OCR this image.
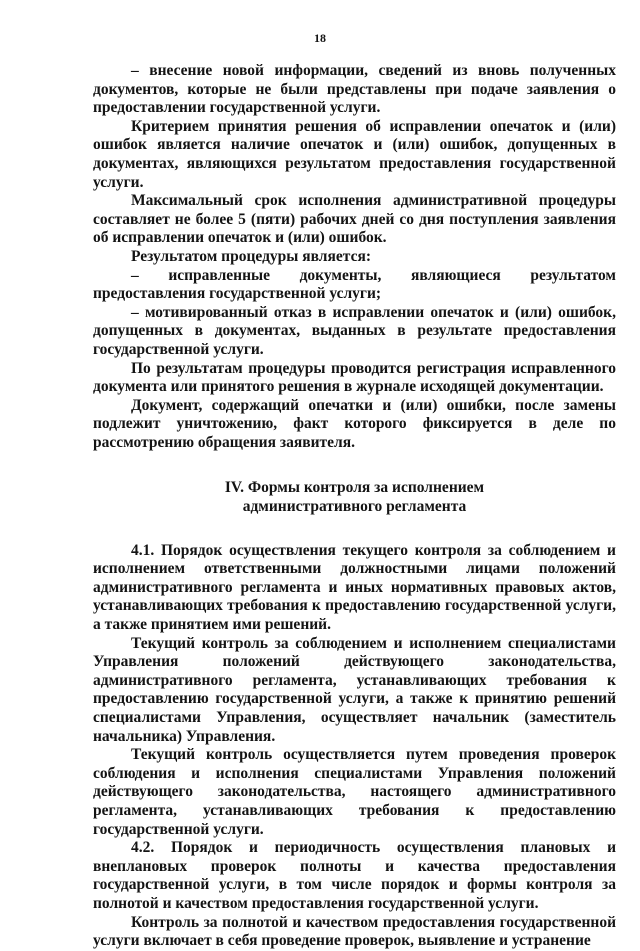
18

– внесение новой информации, сведений из вновь полученных документов, которые не были представлены при подаче заявления о предоставлении государственной услуги.

Критерием принятия решения об исправлении опечаток и (или) ошибок является наличие опечаток и (или) ошибок, допущенных в документах, являющихся результатом предоставления государственной услуги.

Максимальный срок исполнения административной процедуры составляет не более 5 (пяти) рабочих дней со дня поступления заявления об исправлении опечаток и (или) ошибок.

Результатом процедуры является:

– исправленные документы, являющиеся результатом предоставления государственной услуги;

– мотивированный отказ в исправлении опечаток и (или) ошибок, допущенных в документах, выданных в результате предоставления государственной услуги.

По результатам процедуры проводится регистрация исправленного документа или принятого решения в журнале исходящей документации.

Документ, содержащий опечатки и (или) ошибки, после замены подлежит уничтожению, факт которого фиксируется в деле по рассмотрению обращения заявителя.

IV. Формы контроля за исполнением
административного регламента

4.1. Порядок осуществления текущего контроля за соблюдением и исполнением ответственными должностными лицами положений административного регламента и иных нормативных правовых актов, устанавливающих требования к предоставлению государственной услуги, а также принятием ими решений.

Текущий контроль за соблюдением и исполнением специалистами Управления положений действующего законодательства, административного регламента, устанавливающих требования к предоставлению государственной услуги, а также к принятию решений специалистами Управления, осуществляет начальник (заместитель начальника) Управления.

Текущий контроль осуществляется путем проведения проверок соблюдения и исполнения специалистами Управления положений действующего законодательства, настоящего административного регламента, устанавливающих требования к предоставлению государственной услуги.

4.2. Порядок и периодичность осуществления плановых и внеплановых проверок полноты и качества предоставления государственной услуги, в том числе порядок и формы контроля за полнотой и качеством предоставления государственной услуги.

Контроль за полнотой и качеством предоставления государственной услуги включает в себя проведение проверок, выявление и устранение
